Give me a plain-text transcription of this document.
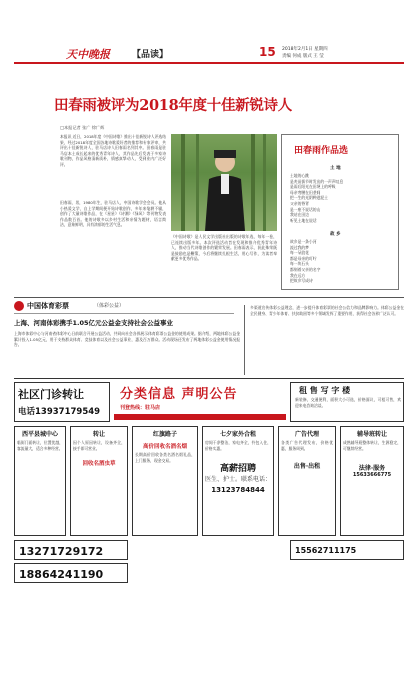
天中晚报 【品读】	15 2018年2月1日 星期四
责编 何成 版式 王 莹
田春雨被评为2018年度十佳新锐诗人
□本报记者 张广 徐广辉
本报讯 近日，2018年度《中国诗歌》推出十佳新锐诗人评选结果，经过2018年度全国各地诗歌爱好者的推荐和专家评审，共评出十佳新锐诗人，驻马店诗人田春雨名列其中。田春雨是驻马店本土成长起来的优秀青年诗人，其作品先后发表于多家诗歌刊物，作品风格清新质朴，情感真挚动人，受到业内广泛好评。
田春雨，男，1980年生，驻马店人，中国诗歌学会会员。他从小热爱文学，自上学期间便开始诗歌创作，多年来笔耕不辍，创作了大量诗歌作品，在《星星》《诗潮》《绿风》等刊物发表作品数百首。他的诗歌多以乡村生活和亲情为题材，语言简洁，意象鲜明，具有浓郁的生活气息。
《中国诗歌》是人民文学出版社出版的诗歌年选，每年一卷，已连续出版多年。本次评选活动旨在发现和推介优秀青年诗人，推动当代诗歌创作的繁荣发展。田春雨表示，获此殊荣既是鼓励也是鞭策，今后将继续扎根生活，用心写作，为读者奉献更多优秀作品。
田春雨作品选
土 地
土地的心跳
是麦苗拔节时发出的一声声叹息
是雨后阳光在田埂上的呼吸
母亲弯腰在田垄间
把一生的光阴种进泥土
父亲的脊背
是一座不说话的山
我站在田边
听见土地在说话
故 乡
故乡是一条小河
流过我的梦
每一朵浪花
都是母亲的叮咛
每一块石头
都刻着父亲的名字
我在远方
把故乡写成诗
中国体育彩票	（体彩公益）
上海、河南体彩携手1.05亿元公益金支持社会公益事业
上海市体彩中心与河南省体彩中心日前联合开展公益活动，共同向社会各界展示体育彩票公益金的使用成果。据介绍，两地体彩公益金累计投入1.05亿元，用于支持群众体育、竞技体育以及社会公益事业，惠及百万群众。活动现场还发布了两地体彩公益金使用情况报告。
多渠道宣传体彩公益理念，进一步提升体育彩票的社会公信力和品牌影响力。体彩公益金在全民健身、青少年体育、扶贫助困等多个领域发挥了重要作用，获得社会各界广泛认可。
社区门诊转让
电话13937179549
分类信息 声明公告
刊登热线：驻马店
租 售 写 字 楼
新装修，交通便利，面积大小可选，价格面议，可租可售，欢迎来电咨询洽谈。
西平县城中心
临街门面转让，位置优越，客流量大，适合多种经营。
转让
因个人原因转让，设备齐全，接手即可营业。
回收名酒虫草
红旗路子
高价回收名酒名烟
长期高价回收各类名酒名烟礼品，上门服务，现金交易。
七夕家外合租
房间干净整洁，家电齐全，拎包入住，价格实惠。
高薪招聘
医生、护士。联系电话：
13123784844
广告代理
各类广告代理发布，价格优惠，服务周到。
出售·出租
辅导班转让
成熟辅导班整体转让，生源稳定，可继续经营。
法律·服务
15633666775
13271729172
18864241190
15562711175
